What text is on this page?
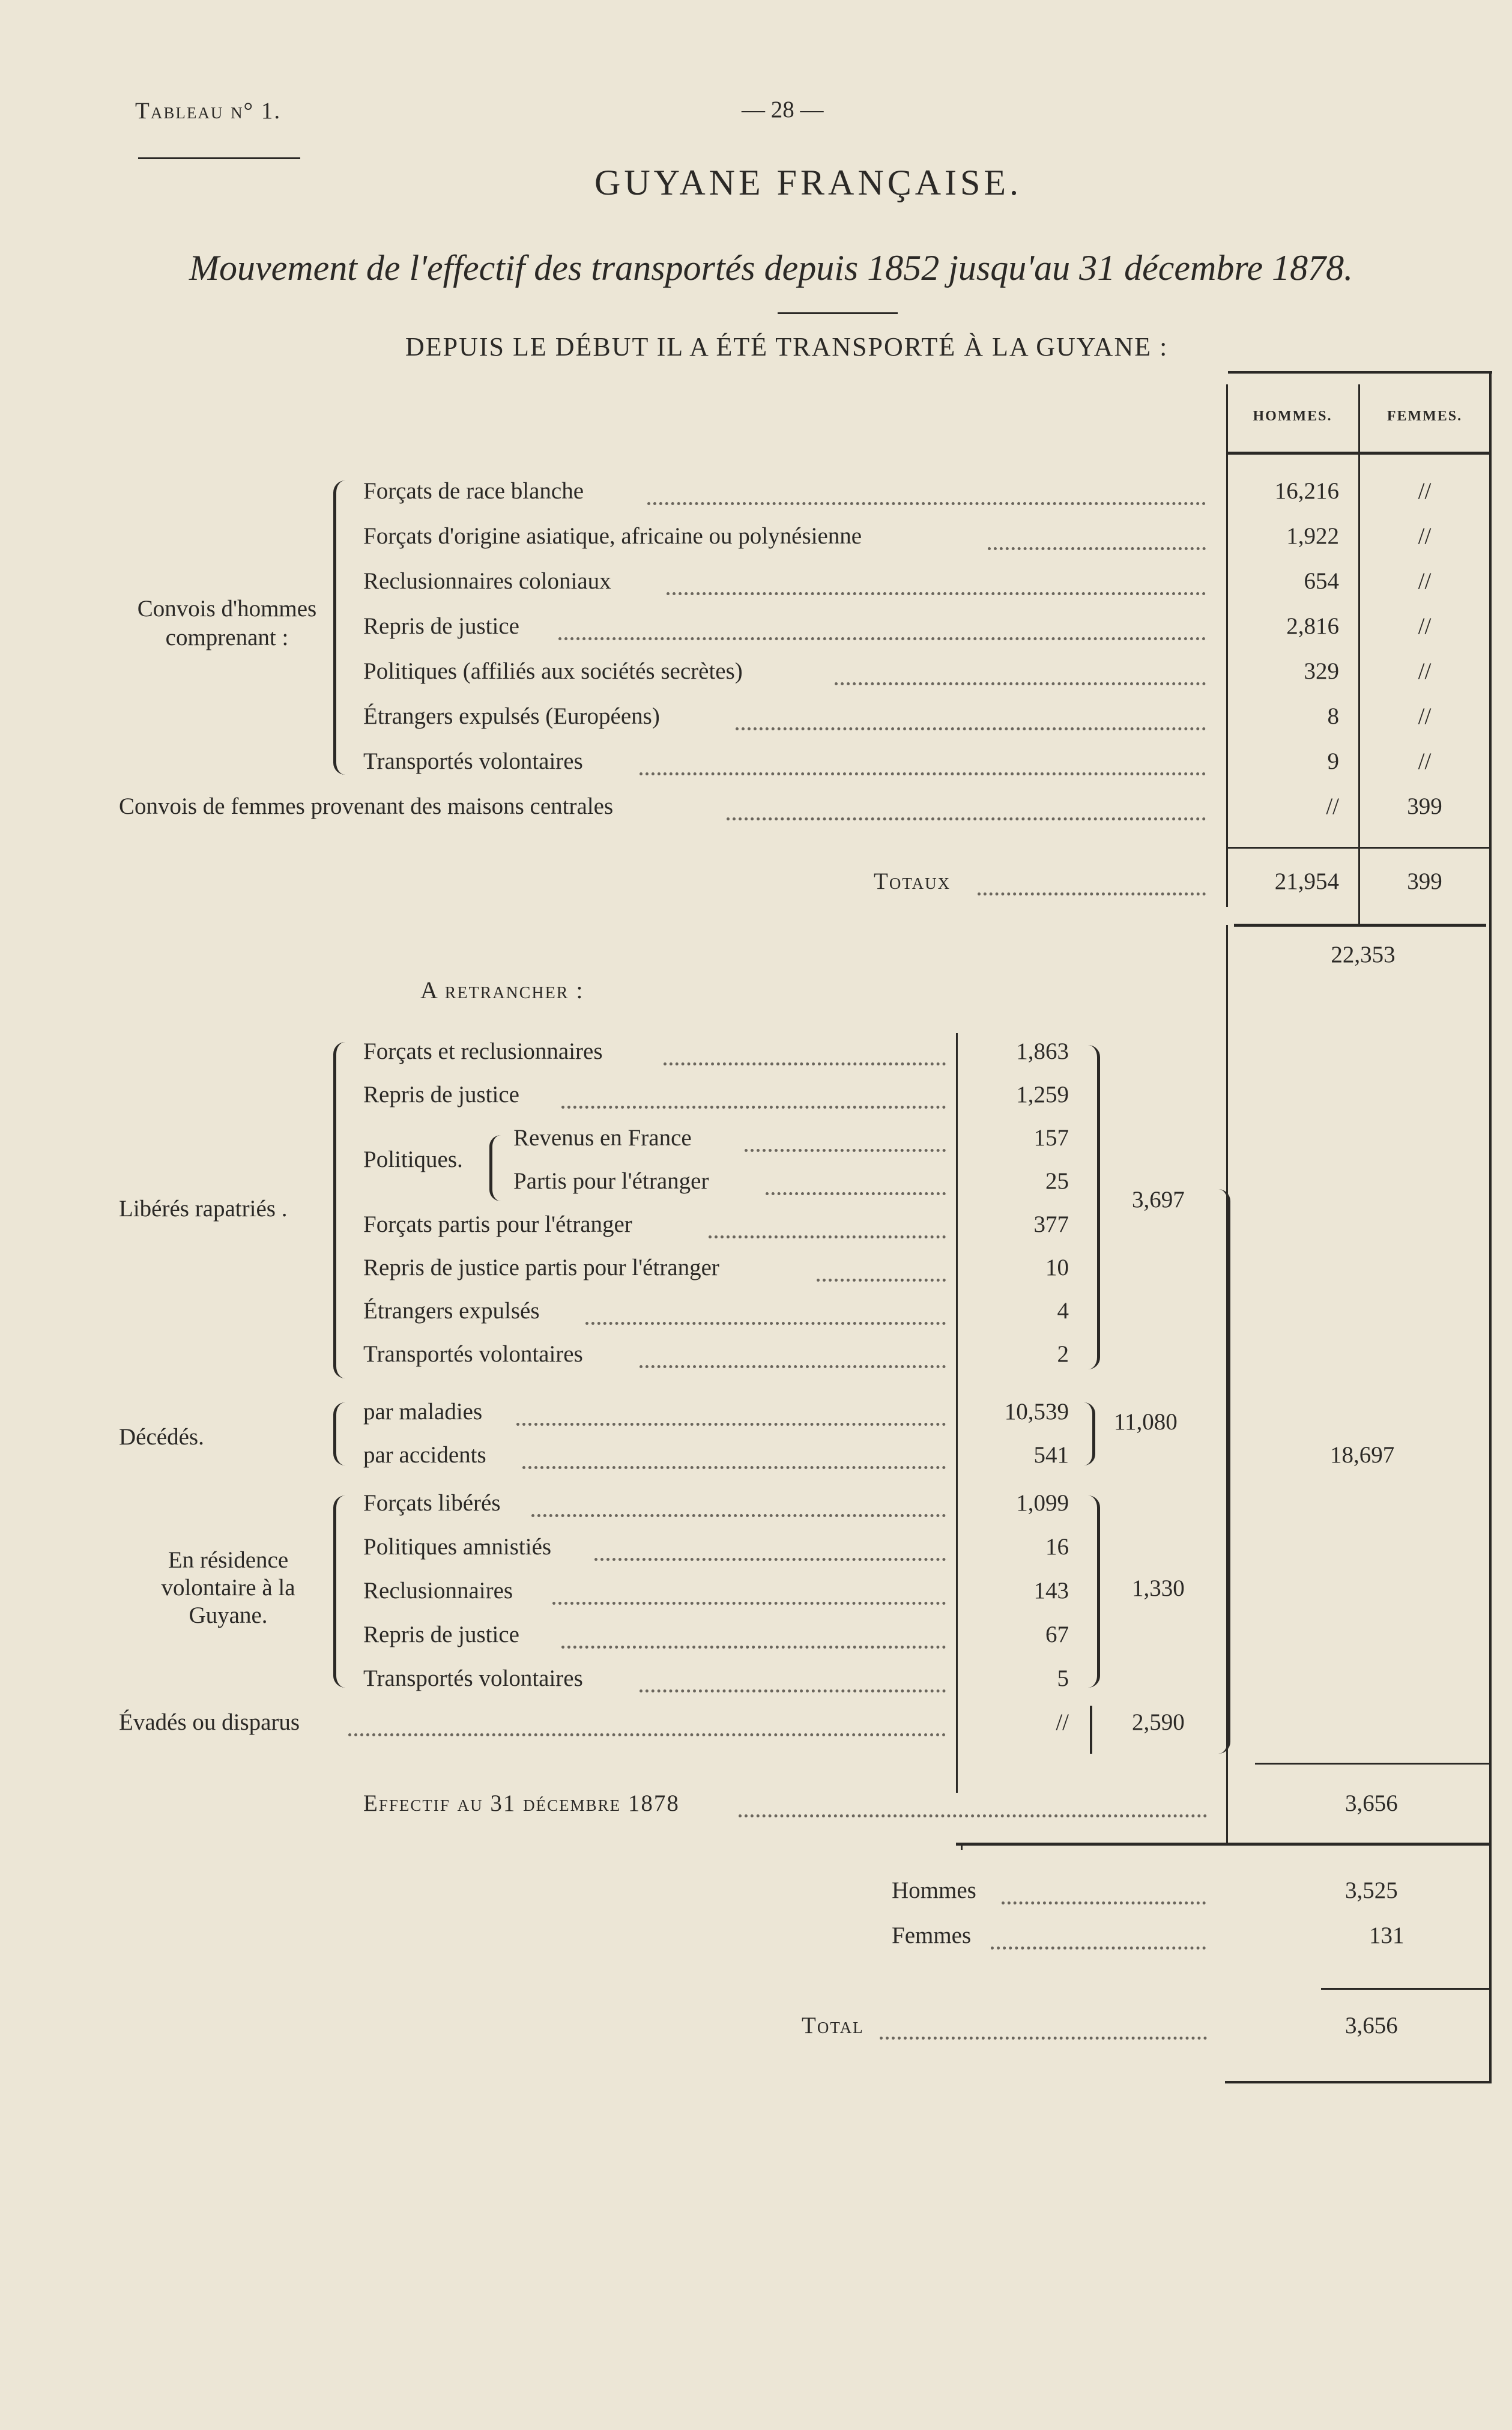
Tableau n° 1.	— 28 —
GUYANE FRANÇAISE.
Mouvement de l'effectif des transportés depuis 1852 jusqu'au 31 décembre 1878.
DEPUIS LE DÉBUT IL A ÉTÉ TRANSPORTÉ À LA GUYANE :
HOMMES.	FEMMES.
Convois d'hommes comprenant :
Forçats de race blanche	16,216	//
Forçats d'origine asiatique, africaine ou polynésienne	1,922	//
Reclusionnaires coloniaux	654	//
Repris de justice	2,816	//
Politiques (affiliés aux sociétés secrètes)	329	//
Étrangers expulsés (Européens)	8	//
Transportés volontaires	9	//
Convois de femmes provenant des maisons centrales	//	399
Totaux	21,954	399
22,353
A retrancher :
Libérés rapatriés .
Forçats et reclusionnaires	1,863
Repris de justice	1,259
Politiques.
Revenus en France	157
Partis pour l'étranger	25
Forçats partis pour l'étranger	377
Repris de justice partis pour l'étranger	10
Étrangers expulsés	4
Transportés volontaires	2
3,697
Décédés.
par maladies	10,539
par accidents	541
11,080
18,697
En résidence volontaire à la Guyane.
Forçats libérés	1,099
Politiques amnistiés	16
Reclusionnaires	143
Repris de justice	67
Transportés volontaires	5
1,330
Évadés ou disparus	//	2,590
Effectif au 31 décembre 1878	3,656
Hommes	3,525
Femmes	131
Total	3,656
